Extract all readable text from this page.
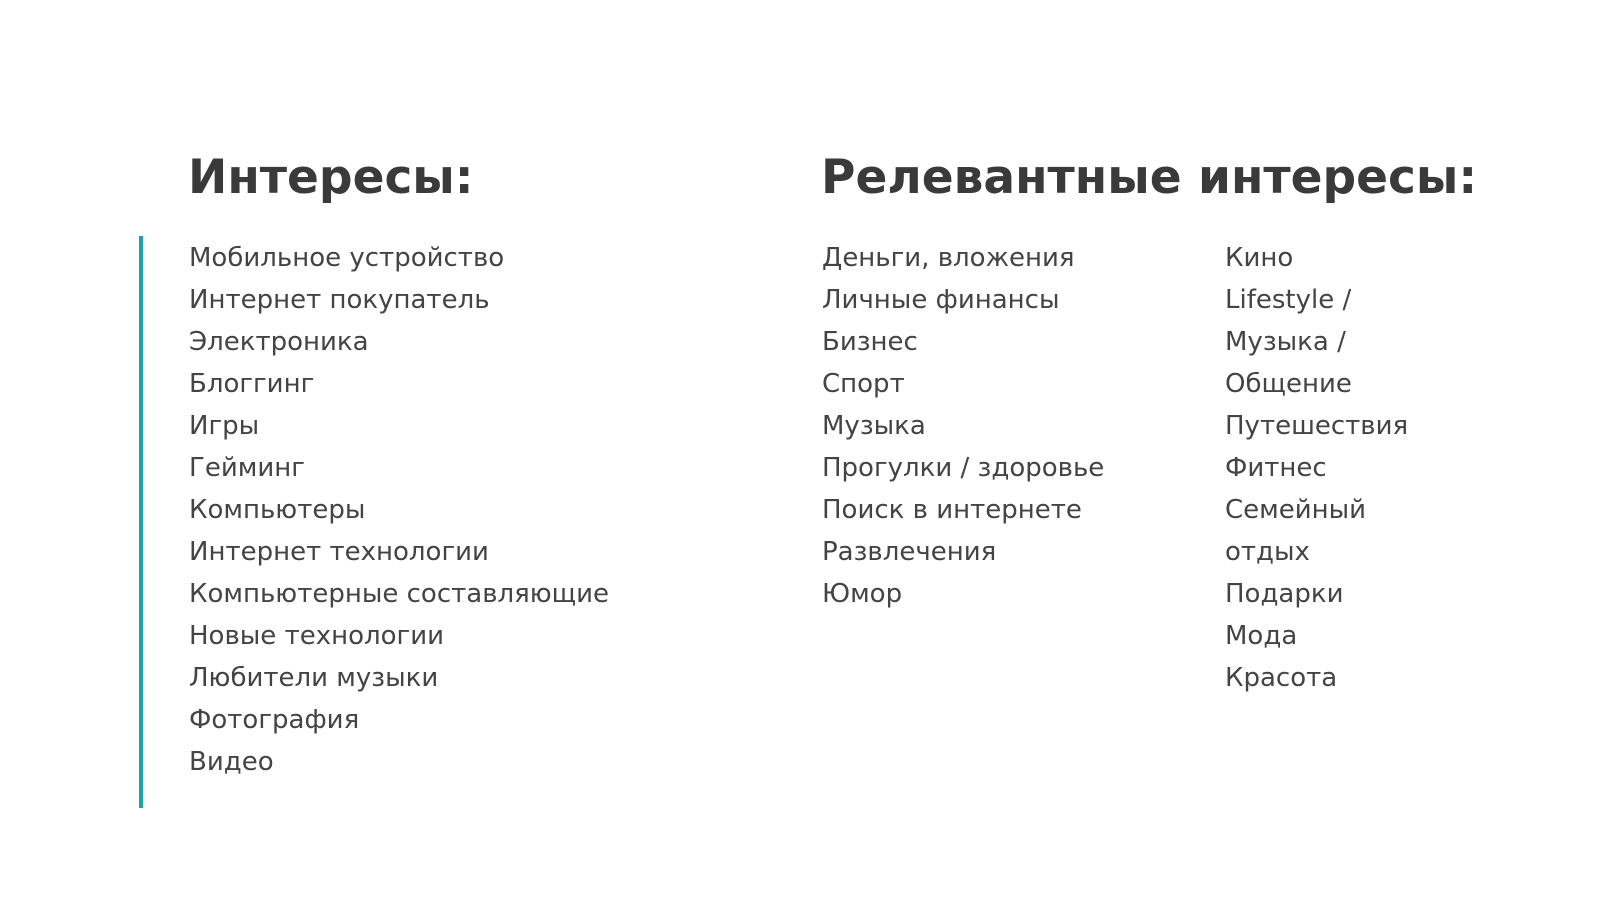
Интересы:	Релевантные интересы:
Мобильное устройство
Интернет покупатель
Электроника
Блоггинг
Игры
Гейминг
Компьютеры
Интернет технологии
Компьютерные составляющие
Новые технологии
Любители музыки
Фотография
Видео
Деньги, вложения
Личные финансы
Бизнес
Спорт
Музыка
Прогулки / здоровье
Поиск в интернете
Развлечения
Юмор
Кино
Lifestyle /
Музыка /
Общение
Путешествия
Фитнес
Семейный
отдых
Подарки
Мода
Красота
